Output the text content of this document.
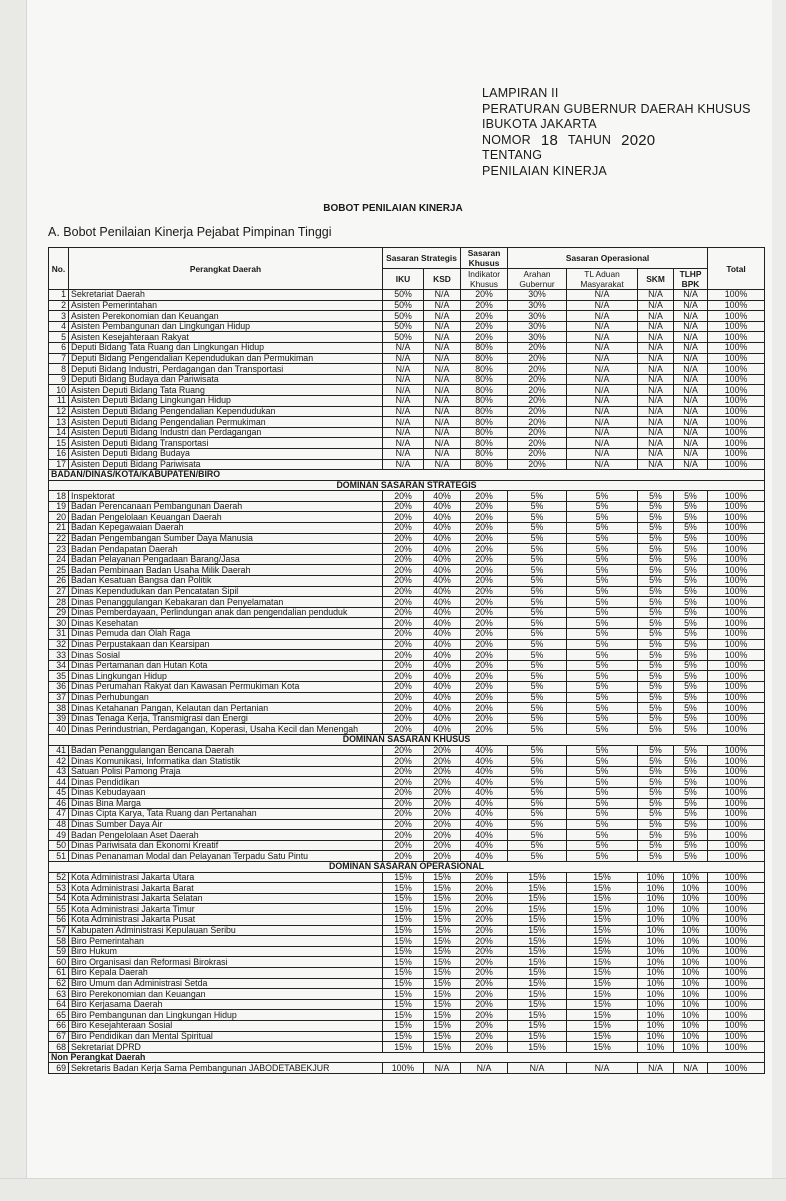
LAMPIRAN II
PERATURAN GUBERNUR DAERAH KHUSUS
IBUKOTA JAKARTA
NOMOR 18 TAHUN 2020
TENTANG
PENILAIAN KINERJA
BOBOT PENILAIAN KINERJA
A. Bobot Penilaian Kinerja Pejabat Pimpinan Tinggi
No.	Perangkat Daerah	Sasaran Strategis		Sasaran Khusus	Sasaran Operasional				Total
		IKU	KSD	Indikator Khusus	Arahan Gubernur	TL Aduan Masyarakat	SKM	TLHP BPK	
1	Sekretariat Daerah	50%	N/A	20%	30%	N/A	N/A	N/A	100%
2	Asisten Pemerintahan	50%	N/A	20%	30%	N/A	N/A	N/A	100%
3	Asisten Perekonomian dan Keuangan	50%	N/A	20%	30%	N/A	N/A	N/A	100%
4	Asisten Pembangunan dan Lingkungan Hidup	50%	N/A	20%	30%	N/A	N/A	N/A	100%
5	Asisten Kesejahteraan Rakyat	50%	N/A	20%	30%	N/A	N/A	N/A	100%
6	Deputi Bidang Tata Ruang dan Lingkungan Hidup	N/A	N/A	80%	20%	N/A	N/A	N/A	100%
7	Deputi Bidang Pengendalian Kependudukan dan Permukiman	N/A	N/A	80%	20%	N/A	N/A	N/A	100%
8	Deputi Bidang Industri, Perdagangan dan Transportasi	N/A	N/A	80%	20%	N/A	N/A	N/A	100%
9	Deputi Bidang Budaya dan Pariwisata	N/A	N/A	80%	20%	N/A	N/A	N/A	100%
10	Asisten Deputi Bidang Tata Ruang	N/A	N/A	80%	20%	N/A	N/A	N/A	100%
11	Asisten Deputi Bidang Lingkungan Hidup	N/A	N/A	80%	20%	N/A	N/A	N/A	100%
12	Asisten Deputi Bidang Pengendalian Kependudukan	N/A	N/A	80%	20%	N/A	N/A	N/A	100%
13	Asisten Deputi Bidang Pengendalian Permukiman	N/A	N/A	80%	20%	N/A	N/A	N/A	100%
14	Asisten Deputi Bidang Industri dan Perdagangan	N/A	N/A	80%	20%	N/A	N/A	N/A	100%
15	Asisten Deputi Bidang Transportasi	N/A	N/A	80%	20%	N/A	N/A	N/A	100%
16	Asisten Deputi Bidang Budaya	N/A	N/A	80%	20%	N/A	N/A	N/A	100%
17	Asisten Deputi Bidang Pariwisata	N/A	N/A	80%	20%	N/A	N/A	N/A	100%
BADAN/DINAS/KOTA/KABUPATEN/BIRO									
DOMINAN SASARAN STRATEGIS									
18	Inspektorat	20%	40%	20%	5%	5%	5%	5%	100%
19	Badan Perencanaan Pembangunan Daerah	20%	40%	20%	5%	5%	5%	5%	100%
20	Badan Pengelolaan Keuangan Daerah	20%	40%	20%	5%	5%	5%	5%	100%
21	Badan Kepegawaian Daerah	20%	40%	20%	5%	5%	5%	5%	100%
22	Badan Pengembangan Sumber Daya Manusia	20%	40%	20%	5%	5%	5%	5%	100%
23	Badan Pendapatan Daerah	20%	40%	20%	5%	5%	5%	5%	100%
24	Badan Pelayanan Pengadaan Barang/Jasa	20%	40%	20%	5%	5%	5%	5%	100%
25	Badan Pembinaan Badan Usaha Milik Daerah	20%	40%	20%	5%	5%	5%	5%	100%
26	Badan Kesatuan Bangsa dan Politik	20%	40%	20%	5%	5%	5%	5%	100%
27	Dinas Kependudukan dan Pencatatan Sipil	20%	40%	20%	5%	5%	5%	5%	100%
28	Dinas Penanggulangan Kebakaran dan Penyelamatan	20%	40%	20%	5%	5%	5%	5%	100%
29	Dinas Pemberdayaan, Perlindungan anak dan pengendalian penduduk	20%	40%	20%	5%	5%	5%	5%	100%
30	Dinas Kesehatan	20%	40%	20%	5%	5%	5%	5%	100%
31	Dinas Pemuda dan Olah Raga	20%	40%	20%	5%	5%	5%	5%	100%
32	Dinas Perpustakaan dan Kearsipan	20%	40%	20%	5%	5%	5%	5%	100%
33	Dinas Sosial	20%	40%	20%	5%	5%	5%	5%	100%
34	Dinas Pertamanan dan Hutan Kota	20%	40%	20%	5%	5%	5%	5%	100%
35	Dinas Lingkungan Hidup	20%	40%	20%	5%	5%	5%	5%	100%
36	Dinas Perumahan Rakyat dan Kawasan Permukiman Kota	20%	40%	20%	5%	5%	5%	5%	100%
37	Dinas Perhubungan	20%	40%	20%	5%	5%	5%	5%	100%
38	Dinas Ketahanan Pangan, Kelautan dan Pertanian	20%	40%	20%	5%	5%	5%	5%	100%
39	Dinas Tenaga Kerja, Transmigrasi dan Energi	20%	40%	20%	5%	5%	5%	5%	100%
40	Dinas Perindustrian, Perdagangan, Koperasi, Usaha Kecil dan Menengah	20%	40%	20%	5%	5%	5%	5%	100%
DOMINAN SASARAN KHUSUS									
41	Badan Penanggulangan Bencana Daerah	20%	20%	40%	5%	5%	5%	5%	100%
42	Dinas Komunikasi, Informatika dan Statistik	20%	20%	40%	5%	5%	5%	5%	100%
43	Satuan Polisi Pamong Praja	20%	20%	40%	5%	5%	5%	5%	100%
44	Dinas Pendidikan	20%	20%	40%	5%	5%	5%	5%	100%
45	Dinas Kebudayaan	20%	20%	40%	5%	5%	5%	5%	100%
46	Dinas Bina Marga	20%	20%	40%	5%	5%	5%	5%	100%
47	Dinas Cipta Karya, Tata Ruang dan Pertanahan	20%	20%	40%	5%	5%	5%	5%	100%
48	Dinas Sumber Daya Air	20%	20%	40%	5%	5%	5%	5%	100%
49	Badan Pengelolaan Aset Daerah	20%	20%	40%	5%	5%	5%	5%	100%
50	Dinas Pariwisata dan Ekonomi Kreatif	20%	20%	40%	5%	5%	5%	5%	100%
51	Dinas Penanaman Modal dan Pelayanan Terpadu Satu Pintu	20%	20%	40%	5%	5%	5%	5%	100%
DOMINAN SASARAN OPERASIONAL									
52	Kota Administrasi Jakarta Utara	15%	15%	20%	15%	15%	10%	10%	100%
53	Kota Administrasi Jakarta Barat	15%	15%	20%	15%	15%	10%	10%	100%
54	Kota Administrasi Jakarta Selatan	15%	15%	20%	15%	15%	10%	10%	100%
55	Kota Administrasi Jakarta Timur	15%	15%	20%	15%	15%	10%	10%	100%
56	Kota Administrasi Jakarta Pusat	15%	15%	20%	15%	15%	10%	10%	100%
57	Kabupaten Administrasi Kepulauan Seribu	15%	15%	20%	15%	15%	10%	10%	100%
58	Biro Pemerintahan	15%	15%	20%	15%	15%	10%	10%	100%
59	Biro Hukum	15%	15%	20%	15%	15%	10%	10%	100%
60	Biro Organisasi dan Reformasi Birokrasi	15%	15%	20%	15%	15%	10%	10%	100%
61	Biro Kepala Daerah	15%	15%	20%	15%	15%	10%	10%	100%
62	Biro Umum dan Administrasi Setda	15%	15%	20%	15%	15%	10%	10%	100%
63	Biro Perekonomian dan Keuangan	15%	15%	20%	15%	15%	10%	10%	100%
64	Biro Kerjasama Daerah	15%	15%	20%	15%	15%	10%	10%	100%
65	Biro Pembangunan dan Lingkungan Hidup	15%	15%	20%	15%	15%	10%	10%	100%
66	Biro Kesejahteraan Sosial	15%	15%	20%	15%	15%	10%	10%	100%
67	Biro Pendidikan dan Mental Spiritual	15%	15%	20%	15%	15%	10%	10%	100%
68	Sekretariat DPRD	15%	15%	20%	15%	15%	10%	10%	100%
Non Perangkat Daerah									
69	Sekretaris Badan Kerja Sama Pembangunan JABODETABEKJUR	100%	N/A	N/A	N/A	N/A	N/A	N/A	100%
